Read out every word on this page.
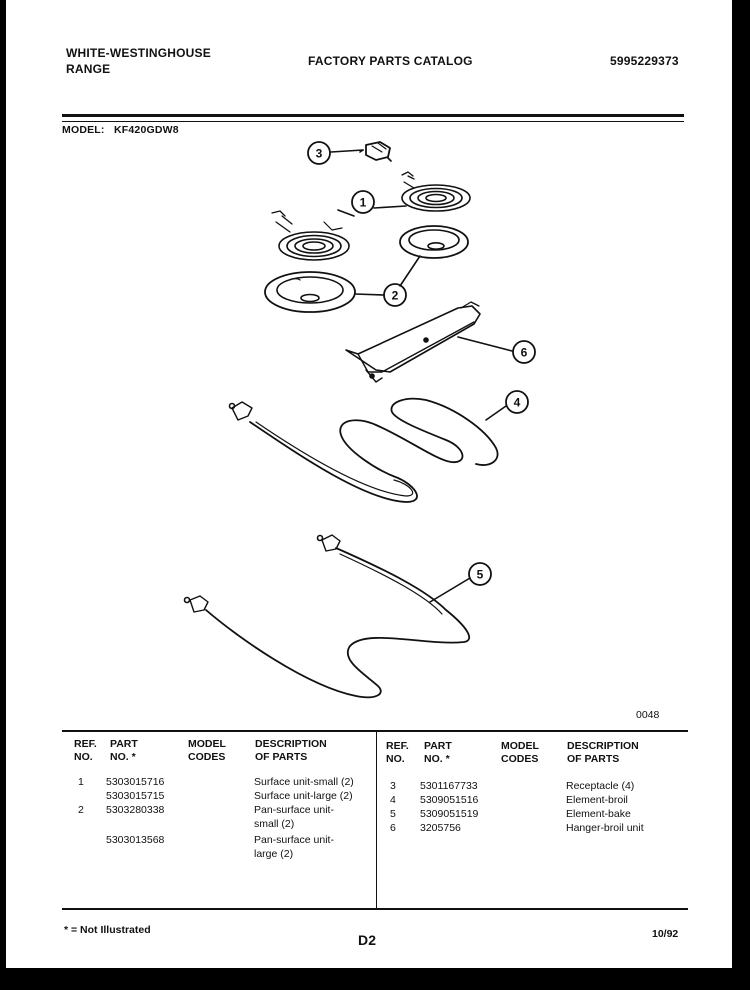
WHITE-WESTINGHOUSE
RANGE
FACTORY PARTS CATALOG	5995229373
MODEL: KF420GDW8
3
1
2
6
4
5
0048
REF.
NO.
PART
NO. *
MODEL
CODES
DESCRIPTION
OF PARTS
REF.
NO.
PART
NO. *
MODEL
CODES
DESCRIPTION
OF PARTS
1 5303015716	Surface unit-small (2)
5303015715	Surface unit-large (2)
2 5303280338	Pan-surface unit-
small (2)
5303013568	Pan-surface unit-
large (2)
3 5301167733	Receptacle (4)
4 5309051516	Element-broil
5 5309051519	Element-bake
6 3205756	Hanger-broil unit
* = Not Illustrated
D2	10/92
